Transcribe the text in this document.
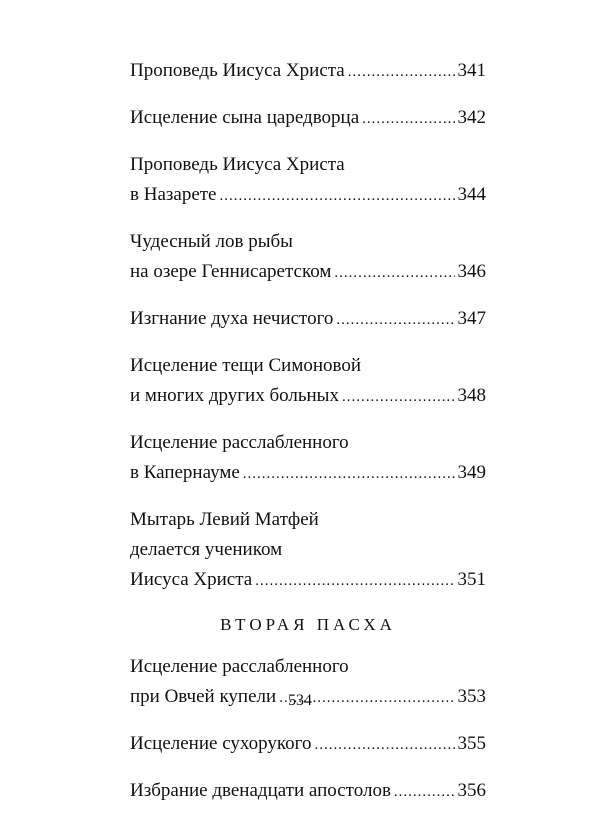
Проповедь Иисуса Христа .....	341
Исцеление сына царедворца .....	342
Проповедь Иисуса Христа
в Назарете .....	344
Чудесный лов рыбы
на озере Геннисаретском .....	346
Изгнание духа нечистого .....	347
Исцеление тещи Симоновой
и многих других больных .....	348
Исцеление расслабленного
в Капернауме .....	349
Мытарь Левий Матфей
делается учеником
Иисуса Христа .....	351
ВТОРАЯ ПАСХА
Исцеление расслабленного
при Овчей купели .....	353
Исцеление сухорукого .....	355
Избрание двенадцати апостолов .....	356
534
